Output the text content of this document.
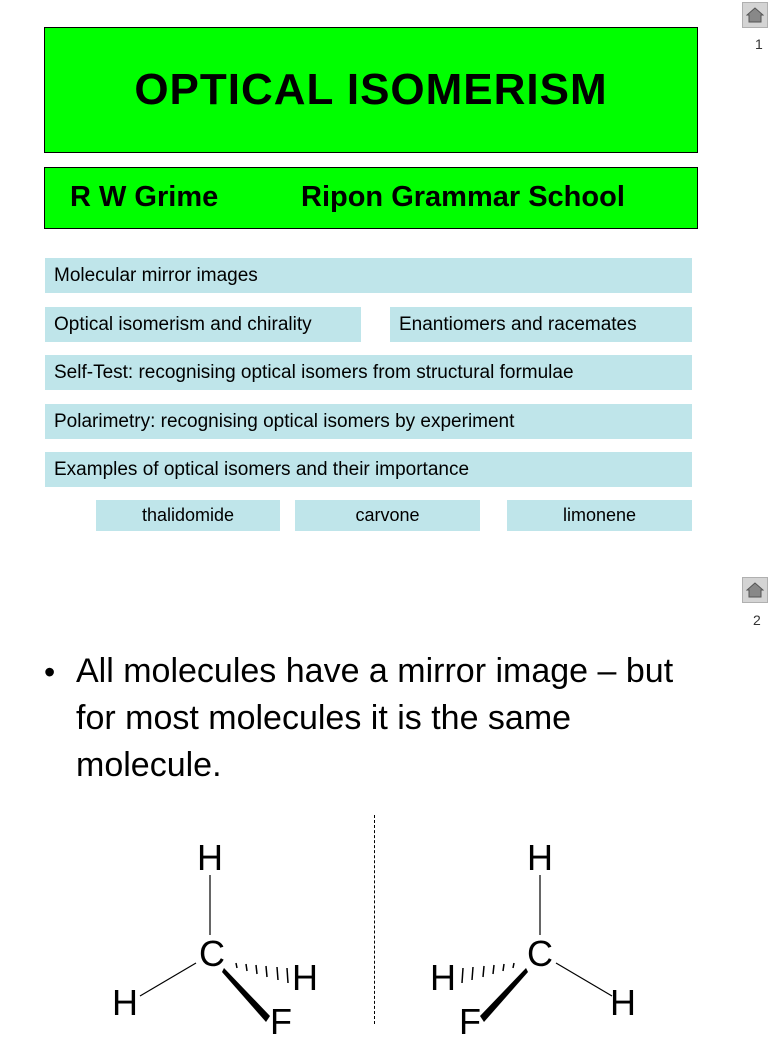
OPTICAL ISOMERISM
R W Grime	Ripon Grammar School
Molecular mirror images
Optical isomerism and chirality	Enantiomers and racemates
Self-Test: recognising optical isomers from structural formulae
Polarimetry: recognising optical isomers by experiment
Examples of optical isomers and their importance
thalidomide	carvone	limonene
1
2
• All molecules have a mirror image – but for most molecules it is the same molecule.
H
C
H
H
F
H
C
H
H
F
